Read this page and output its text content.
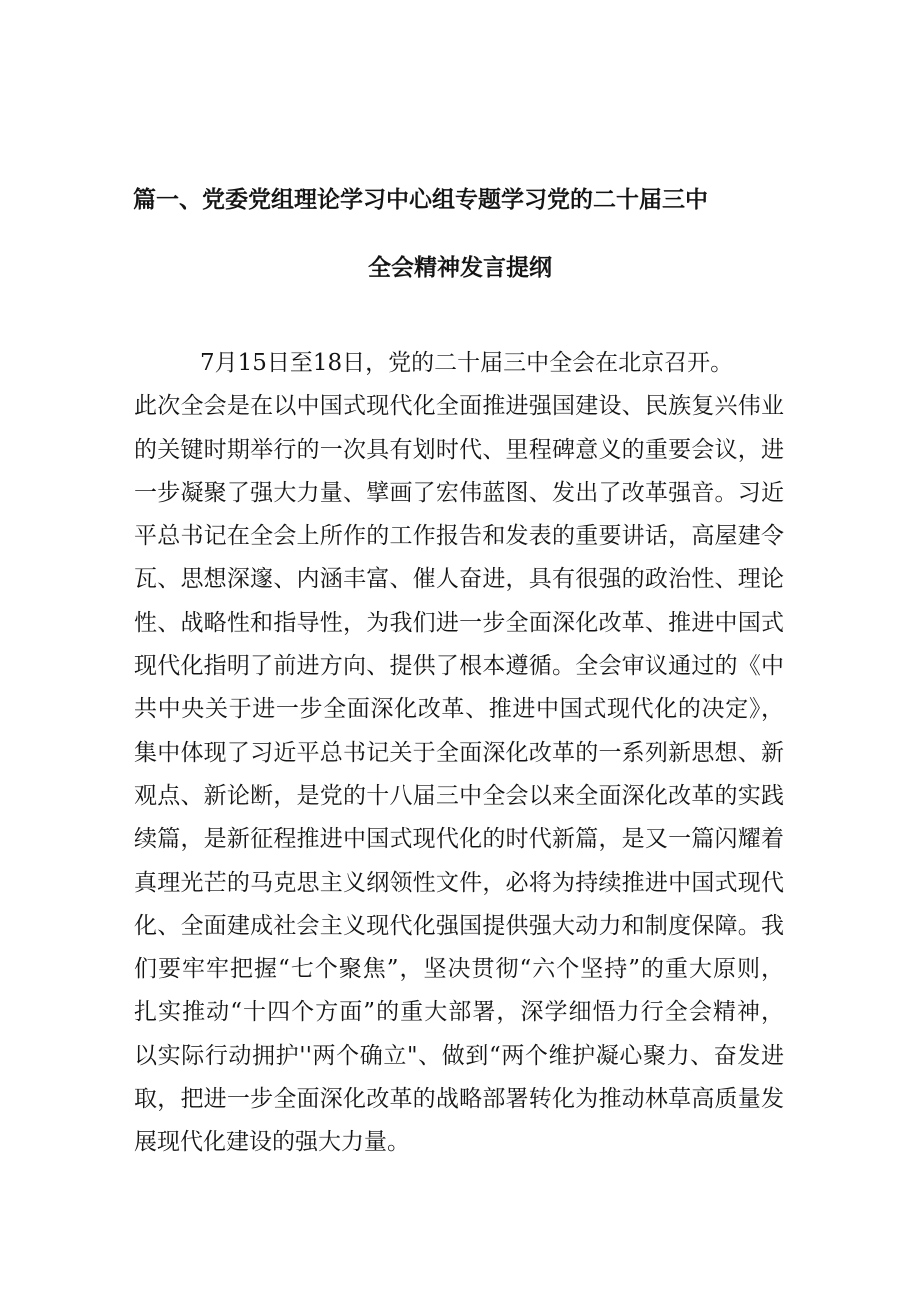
篇一、党委党组理论学习中心组专题学习党的二十届三中
全会精神发言提纲
7月15日至18日，党的二十届三中全会在北京召开。
此次全会是在以中国式现代化全面推进强国建设、民族复兴伟业
的关键时期举行的一次具有划时代、里程碑意义的重要会议，进
一步凝聚了强大力量、擘画了宏伟蓝图、发出了改革强音。习近
平总书记在全会上所作的工作报告和发表的重要讲话，高屋建令
瓦、思想深邃、内涵丰富、催人奋进，具有很强的政治性、理论
性、战略性和指导性，为我们进一步全面深化改革、推进中国式
现代化指明了前进方向、提供了根本遵循。全会审议通过的《中
共中央关于进一步全面深化改革、推进中国式现代化的决定》，
集中体现了习近平总书记关于全面深化改革的一系列新思想、新
观点、新论断，是党的十八届三中全会以来全面深化改革的实践
续篇，是新征程推进中国式现代化的时代新篇，是又一篇闪耀着
真理光芒的马克思主义纲领性文件，必将为持续推进中国式现代
化、全面建成社会主义现代化强国提供强大动力和制度保障。我
们要牢牢把握“七个聚焦”，坚决贯彻“六个坚持”的重大原则，
扎实推动“十四个方面”的重大部署，深学细悟力行全会精神，
以实际行动拥护''两个确立"、做到“两个维护凝心聚力、奋发进
取，把进一步全面深化改革的战略部署转化为推动林草高质量发
展现代化建设的强大力量。
